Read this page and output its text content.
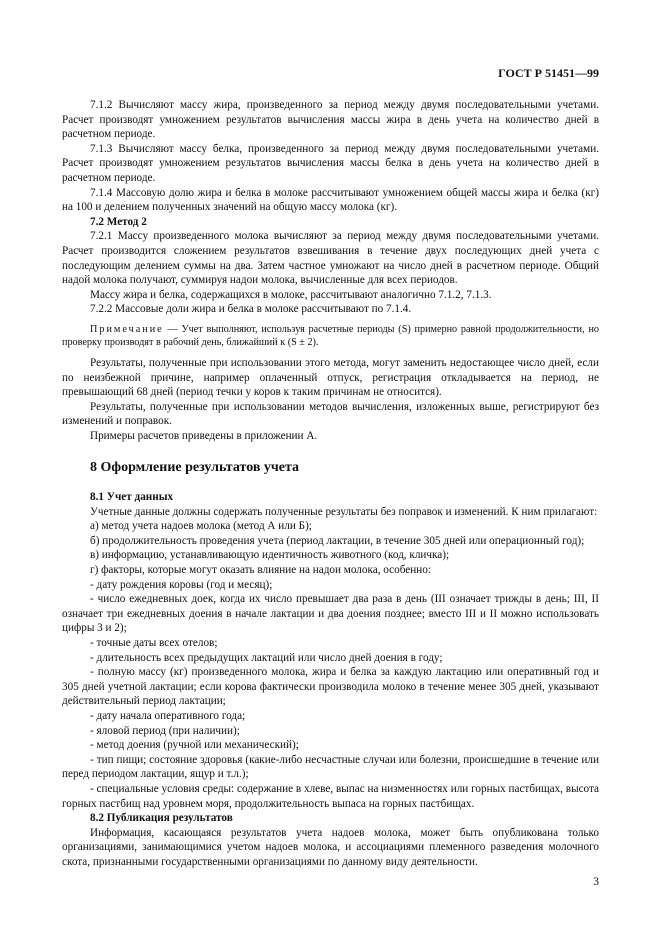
ГОСТ Р 51451—99

7.1.2 Вычисляют массу жира, произведенного за период между двумя последовательными учетами. Расчет производят умножением результатов вычисления массы жира в день учета на количество дней в расчетном периоде.

7.1.3 Вычисляют массу белка, произведенного за период между двумя последовательными учетами. Расчет производят умножением результатов вычисления массы белка в день учета на количество дней в расчетном периоде.

7.1.4 Массовую долю жира и белка в молоке рассчитывают умножением общей массы жира и белка (кг) на 100 и делением полученных значений на общую массу молока (кг).

7.2 Метод 2

7.2.1 Массу произведенного молока вычисляют за период между двумя последовательными учетами. Расчет производится сложением результатов взвешивания в течение двух последующих дней учета с последующим делением суммы на два. Затем частное умножают на число дней в расчетном периоде. Общий надой молока получают, суммируя надои молока, вычисленные для всех периодов.

Массу жира и белка, содержащихся в молоке, рассчитывают аналогично 7.1.2, 7.1.3.

7.2.2 Массовые доли жира и белка в молоке рассчитывают по 7.1.4.

Примечание — Учет выполняют, используя расчетные периоды (S) примерно равной продолжительности, но проверку производят в рабочий день, ближайший к (S ± 2).

Результаты, полученные при использовании этого метода, могут заменить недостающее число дней, если по неизбежной причине, например оплаченный отпуск, регистрация откладывается на период, не превышающий 68 дней (период течки у коров к таким причинам не относится).

Результаты, полученные при использовании методов вычисления, изложенных выше, регистрируют без изменений и поправок.

Примеры расчетов приведены в приложении А.

8 Оформление результатов учета

8.1 Учет данных

Учетные данные должны содержать полученные результаты без поправок и изменений. К ним прилагают:

а) метод учета надоев молока (метод А или Б);

б) продолжительность проведения учета (период лактации, в течение 305 дней или операционный год);

в) информацию, устанавливающую идентичность животного (код, кличка);

г) факторы, которые могут оказать влияние на надои молока, особенно:

- дату рождения коровы (год и месяц);

- число ежедневных доек, когда их число превышает два раза в день (III означает трижды в день; III, II означает три ежедневных доения в начале лактации и два доения позднее; вместо III и II можно использовать цифры 3 и 2);

- точные даты всех отелов;

- длительность всех предыдущих лактаций или число дней доения в году;

- полную массу (кг) произведенного молока, жира и белка за каждую лактацию или оперативный год и 305 дней учетной лактации; если корова фактически производила молоко в течение менее 305 дней, указывают действительный период лактации;

- дату начала оперативного года;

- яловой период (при наличии);

- метод доения (ручной или механический);

- тип пищи; состояние здоровья (какие-либо несчастные случаи или болезни, происшедшие в течение или перед периодом лактации, ящур и т.л.);

- специальные условия среды: содержание в хлеве, выпас на низменностях или горных пастбищах, высота горных пастбищ над уровнем моря, продолжительность выпаса на горных пастбищах.

8.2 Публикация результатов

Информация, касающаяся результатов учета надоев молока, может быть опубликована только организациями, занимающимися учетом надоев молока, и ассоциациями племенного разведения молочного скота, признанными государственными организациями по данному виду деятельности.

3
